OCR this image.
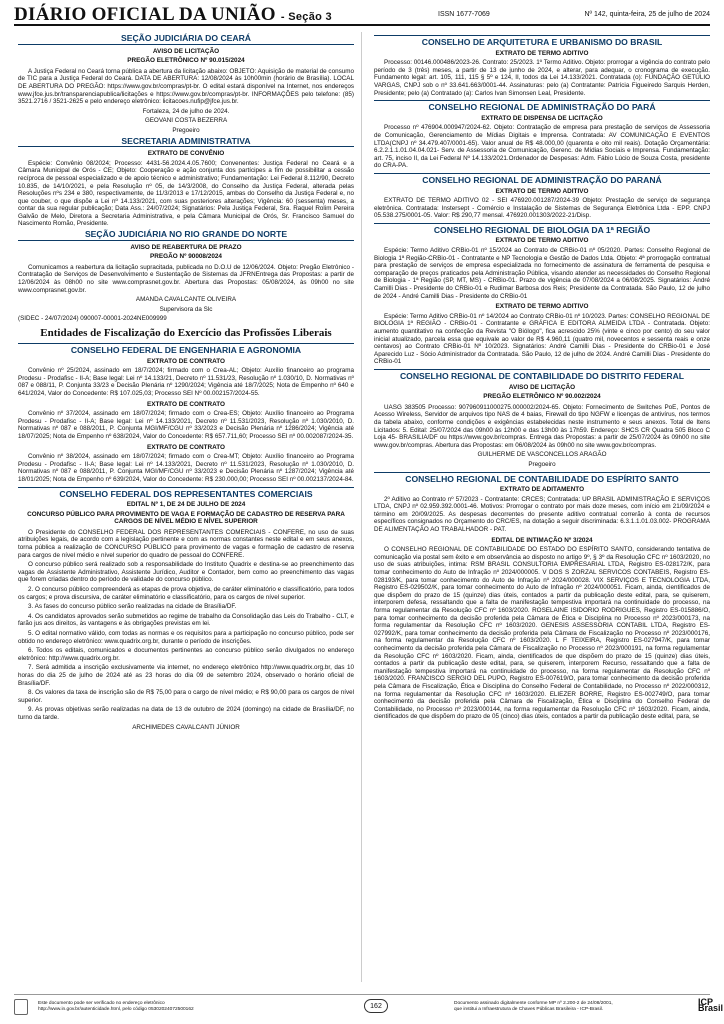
DIÁRIO OFICIAL DA UNIÃO - Seção 3	ISSN 1677-7069	Nº 142, quinta-feira, 25 de julho de 2024
SEÇÃO JUDICIÁRIA DO CEARÁ
AVISO DE LICITAÇÃO
PREGÃO ELETRÔNICO Nº 90.015/2024

A Justiça Federal no Ceará torna pública a abertura da licitação abaixo: OBJETO: Aquisição de material de consumo de TIC para a Justiça Federal do Ceará. DATA DE ABERTURA: 12/08/2024 às 10h00min (horário de Brasília). LOCAL DE ABERTURA DO PREGÃO: https://www.gov.br/compras/pt-br. O edital estará disponível na Internet, nos endereços www.jfce.jus.br/transparenciapublica/licitações e https://www.gov.br/compras/pt-br. INFORMAÇÕES pelo telefone: (85) 3521.2716 / 3521-2625 e pelo endereço eletrônico: licitacoes.nufip@jfce.jus.br.

Fortaleza, 24 de julho de 2024.

GEOVANI COSTA BEZERRA

Pregoeiro

SECRETARIA ADMINISTRATIVA
EXTRATO DE CONVÊNIO

Espécie: Convênio 08/2024; Processo: 4431-56.2024.4.05.7600; Convenentes: Justiça Federal no Ceará e a Câmara Municipal de Orós - CE; Objeto: Cooperação e ação conjunta dos partícipes a fim de possibilitar a cessão recíproca de pessoal especializado e de apoio técnico e administrativo; Fundamentação: Lei Federal 8.112/90, Decreto 10.835, de 14/10/2021, e pela Resolução nº 05, de 14/3/2008, do Conselho da Justiça Federal, alterada pelas Resoluções nºs 234 e 380, respectivamente, de 11/3/2013 e 17/12/2015, ambas do Conselho da Justiça Federal e, no que couber, o que dispõe a Lei nº 14.133/2021, com suas posteriores alterações; Vigência: 60 (sessenta) meses, a contar da sua regular publicação; Data Ass.: 24/07/2024; Signatários: Pela Justiça Federal, Sra. Raquel Rolim Pereira Galvão de Melo, Diretora a Secretaria Administrativa, e pela Câmara Municipal de Orós, Sr. Francisco Samuel do Nascimento Romão, Presidente.

SEÇÃO JUDICIÁRIA NO RIO GRANDE DO NORTE
AVISO DE REABERTURA DE PRAZO
PREGÃO Nº 90008/2024

Comunicamos a reabertura da licitação supracitada, publicada no D.O.U de 12/06/2024. Objeto: Pregão Eletrônico - Contratação de Serviços de Desenvolvimento e Sustentação de Sistemas da JFRNEntrega das Propostas: a partir de 12/06/2024 às 08h00 no site www.comprasnet.gov.br. Abertura das Propostas: 05/08/2024, às 09h00 no site www.comprasnet.gov.br.

AMANDA CAVALCANTE OLIVEIRA

Supervisora da Slc

(SIDEC - 24/07/2024) 090007-00001-2024NE009999

Entidades de Fiscalização do Exercício das Profissões Liberais
CONSELHO FEDERAL DE ENGENHARIA E AGRONOMIA
EXTRATO DE CONTRATO

Convênio nº 25/2024, assinado em 18/7/2024; firmado com o Crea-AL; Objeto: Auxílio financeiro ao programa Prodesu - Prodafisc - II-A; Base legal: Lei nº 14.133/21, Decreto nº 11.531/23, Resolução nº 1.030/10, D. Normativas nº 087 e 088/11, P. Conjunta 33/23 e Decisão Plenária nº 1290/2024; Vigência até 18/7/2025; Nota de Empenho nº 640 e 641/2024, Valor do Concedente: R$ 107.025,03; Processo SEI Nº 00.002157/2024-55.

EXTRATO DE CONTRATO

Convênio nº 37/2024, assinado em 18/07/2024; firmado com o Crea-ES; Objeto: Auxílio financeiro ao Programa Prodesu - Prodafisc - II-A; Base legal: Lei nº 14.133/2021, Decreto nº 11.531/2023, Resolução nº 1.030/2010, D. Normativas nº 087 e 088/2011, P. Conjunta MGI/MF/CGU nº 33/2023 e Decisão Plenária nº 1286/2024; Vigência até 18/07/2025; Nota de Empenho nº 638/2024, Valor do Concedente: R$ 657.711,60; Processo SEI nº 00.002087/2024-35.

EXTRATO DE CONTRATO

Convênio nº 38/2024, assinado em 18/07/2024; firmado com o Crea-MT; Objeto: Auxílio financeiro ao Programa Prodesu - Prodafisc - II-A; Base legal: Lei nº 14.133/2021, Decreto nº 11.531/2023, Resolução nº 1.030/2010, D. Normativas nº 087 e 088/2011, P. Conjunta MGI/MF/CGU nº 33/2023 e Decisão Plenária nº 1287/2024; Vigência até 18/01/2025; Nota de Empenho nº 639/2024, Valor do Concedente: R$ 230.000,00; Processo SEI nº 00.002137/2024-84.

CONSELHO FEDERAL DOS REPRESENTANTES COMERCIAIS
EDITAL Nº 1, DE 24 DE JULHO DE 2024
CONCURSO PÚBLICO PARA PROVIMENTO DE VAGA E FORMAÇÃO DE CADASTRO DE RESERVA PARA CARGOS DE NÍVEL MÉDIO E NÍVEL SUPERIOR

O Presidente do CONSELHO FEDERAL DOS REPRESENTANTES COMERCIAIS - CONFERE, no uso de suas atribuições legais, de acordo com a legislação pertinente e com as normas constantes neste edital e em seus anexos, torna pública a realização de CONCURSO PÚBLICO para provimento de vagas e formação de cadastro de reserva para cargos de nível médio e nível superior do quadro de pessoal do CONFERE.

O concurso público será realizado sob a responsabilidade do Instituto Quadrix e destina-se ao preenchimento das vagas de Assistente Administrativo, Assistente Jurídico, Auditor e Contador, bem como ao preenchimento das vagas que forem criadas dentro do período de validade do concurso público.

2. O concurso público compreenderá as etapas de prova objetiva, de caráter eliminatório e classificatório, para todos os cargos; e prova discursiva, de caráter eliminatório e classificatório, para os cargos de nível superior.

3. As fases do concurso público serão realizadas na cidade de Brasília/DF.

4. Os candidatos aprovados serão submetidos ao regime de trabalho da Consolidação das Leis do Trabalho - CLT, e farão jus aos direitos, às vantagens e às obrigações previstas em lei.

5. O edital normativo válido, com todas as normas e os requisitos para a participação no concurso público, pode ser obtido no endereço eletrônico: www.quadrix.org.br, durante o período de inscrições.

6. Todos os editais, comunicados e documentos pertinentes ao concurso público serão divulgados no endereço eletrônico: http://www.quadrix.org.br.

7. Será admitida a inscrição exclusivamente via internet, no endereço eletrônico http://www.quadrix.org.br, das 10 horas do dia 25 de julho de 2024 até as 23 horas do dia 09 de setembro 2024, observado o horário oficial de Brasília/DF.

8. Os valores da taxa de inscrição são de R$ 75,00 para o cargo de nível médio; e R$ 90,00 para os cargos de nível superior.

9. As provas objetivas serão realizadas na data de 13 de outubro de 2024 (domingo) na cidade de Brasília/DF, no turno da tarde.

ARCHIMEDES CAVALCANTI JÚNIOR

CONSELHO DE ARQUITETURA E URBANISMO DO BRASIL
EXTRATO DE TERMO ADITIVO

Processo: 00146.000486/2023-26. Contrato: 25/2023. 1º Termo Aditivo. Objeto: prorrogar a vigência do contrato pelo período de 3 (três) meses, a partir de 13 de junho de 2024, e alterar, para adequar, o cronograma de execução. Fundamento legal: art. 105, 111, 115 § 5º e 124, II, todos da Lei 14.133/2021. Contratada (o): FUNDAÇÃO GETÚLIO VARGAS, CNPJ sob o nº 33.641.663/0001-44. Assinaturas: pelo (a) Contratante: Patrícia Figueiredo Sarquis Herden, Presidente; pelo (a) Contratado (a): Carlos Ivan Simonsen Leal, Presidente.

CONSELHO REGIONAL DE ADMINISTRAÇÃO DO PARÁ
EXTRATO DE DISPENSA DE LICITAÇÃO

Processo nº 476904.000947/2024-62. Objeto: Contratação de empresa para prestação de serviços de Assessoria de Comunicação, Gerenciamento de Mídias Digitais e Imprensa. Contratada: AV COMUNICAÇÃO E EVENTOS LTDA(CNPJ nº 34.479.407/0001-65). Valor anual de R$ 48.000,00 (quarenta e oito mil reais). Dotação Orçamentária: 6.2.2.1.1.01.04.04.021- Serv. de Assessoria de Comunicação, Gerenc. de Mídias Sociais e Imprensa. Fundamentação: art. 75, inciso II, da Lei Federal Nº 14.133/2021.Ordenador de Despesas: Adm. Fábio Lúcio de Souza Costa, presidente do CRA-PA.

CONSELHO REGIONAL DE ADMINISTRAÇÃO DO PARANÁ
EXTRATO DE TERMO ADITIVO

EXTRATO DE TERMO ADITIVO 02 - SEI 476920.001287/2024-39 Objeto: Prestação de serviço de segurança eletrônica. Contratada: Instersept - Comércio e Instalação de Sistemas de Segurança Eletrônica Ltda - EPP. CNPJ 05.538.275/0001-05. Valor: R$ 290,77 mensal. 476920.001303/2022-21/Disp.

CONSELHO REGIONAL DE BIOLOGIA DA 1ª REGIÃO
EXTRATO DE TERMO ADITIVO

Espécie: Termo Aditivo CRBio-01 nº 15/2024 ao Contrato de CRBio-01 nº 05/2020. Partes: Conselho Regional de Biologia 1ª Região-CRBio-01 - Contratante e NP Tecnologia e Gestão de Dados Ltda. Objeto: 4ª prorrogação contratual para prestação de serviços de empresa especializada no fornecimento de assinatura de ferramenta de pesquisa e comparação de preços praticados pela Administração Pública, visando atender as necessidades do Conselho Regional de Biologia - 1ª Região (SP, MT, MS) - CRBio-01. Prazo de vigência de 07/08/2024 a 06/08/2025. Signatários: André Camilli Dias - Presidente do CRBio-01 e Rudimar Barbosa dos Reis; Presidente da Contratada. São Paulo, 12 de julho de 2024 - André Camilli Dias - Presidente do CRBio-01

EXTRATO DE TERMO ADITIVO

Espécie: Termo Aditivo CRBio-01 nº 14/2024 ao Contrato CRBio-01 nº 10/2023. Partes: CONSELHO REGIONAL DE BIOLOGIA 1ª REGIÃO - CRBio-01 - Contratante e GRÁFICA E EDITORA ALMEIDA LTDA - Contratada. Objeto: aumento quantitativo na confecção da Revista "O Biólogo", fica acrescido 25% (vinte e cinco por cento) do seu valor inicial atualizado, parcela essa que equivale ao valor de R$ 4.960,11 (quatro mil, novecentos e sessenta reais e onze centavos) ao Contrato CRBio-01 Nº 10/2023. Signatários: André Camilli Dias - Presidente do CRBio-01 e José Aparecido Luz - Sócio Administrador da Contratada. São Paulo, 12 de julho de 2024. André Camilli Dias - Presidente do CRBio-01

CONSELHO REGIONAL DE CONTABILIDADE DO DISTRITO FEDERAL
AVISO DE LICITAÇÃO
PREGÃO ELETRÔNICO Nº 90.002/2024

UASG 383505 Processo: 907960911000275.000002/2024-65. Objeto: Fornecimento de Switches PoE, Pontos de Acesso Wireless, Servidor de arquivos tipo NAS de 4 baias, Firewall do tipo NGFW e licenças de antivírus, nos termos da tabela abaixo, conforme condições e exigências estabelecidas neste instrumento e seus anexos. Total de Itens Licitados: 5. Edital: 25/07/2024 das 09h00 às 12h00 e das 13h00 às 17h59. Endereço: SHCS CR Quadra 505 Bloco C Loja 45- BRASILIA/DF ou https://www.gov.br/compras. Entrega das Propostas: a partir de 25/07/2024 às 09h00 no site www.gov.br/compras. Abertura das Propostas: em 06/08/2024 às 09h00 no site www.gov.br/compras.

GUILHERME DE VASCONCELLOS ARAGÃO

Pregoeiro

CONSELHO REGIONAL DE CONTABILIDADE DO ESPÍRITO SANTO
EXTRATO DE ADITAMENTO

2º Aditivo ao Contrato nº 57/2023 - Contratante: CRCES; Contratada: UP BRASIL ADMINISTRAÇÃO E SERVIÇOS LTDA, CNPJ nº 02.959.392.0001-46. Motivos: Prorrogar o contrato por mais doze meses, com início em 21/09/2024 e término em 20/09/2025. As despesas decorrentes do presente aditivo contratual correrão à conta de recursos específicos consignados no Orçamento do CRC/ES, na dotação a seguir discriminada: 6.3.1.1.01.03.002- PROGRAMA DE ALIMENTAÇÃO AO TRABALHADOR - PAT.

EDITAL DE INTIMAÇÃO Nº 3/2024

O CONSELHO REGIONAL DE CONTABILIDADE DO ESTADO DO ESPÍRITO SANTO, considerando tentativa de comunicação via postal sem êxito e em observância ao disposto no artigo 9º, § 3º da Resolução CFC nº 1603/2020, no uso de suas atribuições, intima: RSM BRASIL CONSULTORIA EMPRESARIAL LTDA, Registro ES-028172/K, para tomar conhecimento do Auto de Infração nº 2024/000005. V DOS S ZORZAL SERVICOS CONTABEIS, Registro ES-028193/K, para tomar conhecimento do Auto de Infração nº 2024/000028. VIX SERVIÇOS E TECNOLOGIA LTDA, Registro ES-029502/K, para tomar conhecimento do Auto de Infração nº 2024/000051. Ficam, ainda, cientificados de que dispõem do prazo de 15 (quinze) dias úteis, contados a partir da publicação deste edital, para, se quiserem, interporem defesa, ressaltando que a falta de manifestação tempestiva importará na continuidade do processo, na forma regulamentar da Resolução CFC nº 1603/2020. ROSELAINE ISIDORIO RODRIGUES, Registro ES-015886/O, para tomar conhecimento da decisão proferida pela Câmara de Ética e Disciplina no Processo nº 2023/000173, na forma regulamentar da Resolução CFC nº 1603/2020. GENESIS ASSESSORIA CONTABIL LTDA, Registro ES-027992/K, para tomar conhecimento da decisão proferida pela Câmara de Fiscalização no Processo nº 2023/000176, na forma regulamentar da Resolução CFC nº 1603/2020. L F TEIXEIRA, Registro ES-027947/K, para tomar conhecimento da decisão proferida pela Câmara de Fiscalização no Processo nº 2023/000191, na forma regulamentar da Resolução CFC nº 1603/2020. Ficam, ainda, cientificados de que dispõem do prazo de 15 (quinze) dias úteis, contados a partir da publicação deste edital, para, se quiserem, interporem Recurso, ressaltando que a falta de manifestação tempestiva importará na continuidade do processo, na forma regulamentar da Resolução CFC nº 1603/2020. FRANCISCO SERGIO DEL PUPO, Registro ES-007619/O, para tomar conhecimento da decisão proferida pela Câmara de Fiscalização, Ética e Disciplina do Conselho Federal de Contabilidade, no Processo nº 2022/000312, na forma regulamentar da Resolução CFC nº 1603/2020. ELIEZER BORRE, Registro ES-002749/O, para tomar conhecimento da decisão proferida pela Câmara de Fiscalização, Ética e Disciplina do Conselho Federal de Contabilidade, no Processo nº 2023/000144, na forma regulamentar da Resolução CFC nº 1603/2020. Ficam, ainda, cientificados de que dispõem do prazo de 05 (cinco) dias úteis, contados a partir da publicação deste edital, para, se

Este documento pode ser verificado no endereço eletrônico
http://www.in.gov.br/autenticidade.html, pelo código 05302024072500162	162	Documento assinado digitalmente conforme MP nº 2.200-2 de 24/08/2001,
que institui a Infraestrutura de Chaves Públicas Brasileira - ICP-Brasil.
ICP Brasil
